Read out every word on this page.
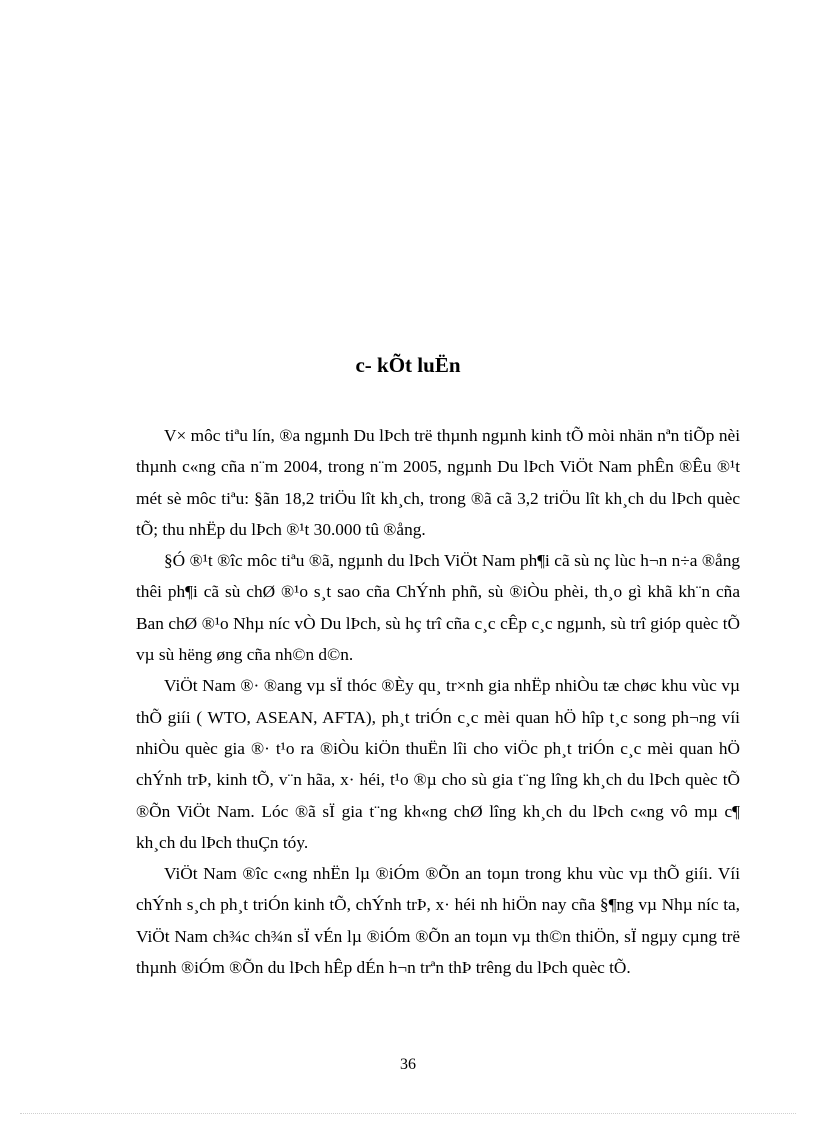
c- kÕt luËn

V× môc tiªu lín, ®a ngµnh Du lÞch trë thµnh ngµnh kinh tÕ mòi nhän nªn tiÕp nèi thµnh c«ng cña n¨m 2004, trong n¨m 2005, ngµnh Du lÞch ViÖt Nam phÊn ®Êu ®¹t mét sè môc tiªu: §ãn 18,2 triÖu lît kh¸ch, trong ®ã cã 3,2 triÖu lît kh¸ch du lÞch quèc tÕ; thu nhËp du lÞch ®¹t 30.000 tû ®ång.

§Ó ®¹t ®îc môc tiªu ®ã, ngµnh du lÞch ViÖt Nam ph¶i cã sù nç lùc h¬n n÷a ®ång thêi ph¶i cã sù chØ ®¹o s¸t sao cña ChÝnh phñ, sù ®iÒu phèi, th¸o gì khã kh¨n cña Ban chØ ®¹o Nhµ níc vÒ Du lÞch, sù hç trî cña c¸c cÊp c¸c ngµnh, sù trî gióp quèc tÕ vµ sù hëng øng cña nh©n d©n.

ViÖt Nam ®· ®ang vµ sÏ thóc ®Èy qu¸ tr×nh gia nhËp nhiÒu tæ chøc khu vùc vµ thÕ giíi ( WTO, ASEAN, AFTA), ph¸t triÓn c¸c mèi quan hÖ hîp t¸c song ph¬ng víi nhiÒu quèc gia ®· t¹o ra ®iÒu kiÖn thuËn lîi cho viÖc ph¸t triÓn c¸c mèi quan hÖ chÝnh trÞ, kinh tÕ, v¨n hãa, x· héi, t¹o ®µ cho sù gia t¨ng lîng kh¸ch du lÞch quèc tÕ ®Õn ViÖt Nam. Lóc ®ã sÏ gia t¨ng kh«ng chØ lîng kh¸ch du lÞch c«ng vô mµ c¶ kh¸ch du lÞch thuÇn tóy.

ViÖt Nam ®îc c«ng nhËn lµ ®iÓm ®Õn an toµn trong khu vùc vµ thÕ giíi. Víi chÝnh s¸ch ph¸t triÓn kinh tÕ, chÝnh trÞ, x· héi nh hiÖn nay cña §¶ng vµ Nhµ níc ta, ViÖt Nam ch¾c ch¾n sÏ vÉn lµ ®iÓm ®Õn an toµn vµ th©n thiÖn, sÏ ngµy cµng trë thµnh ®iÓm ®Õn du lÞch hÊp dÉn h¬n trªn thÞ trêng du lÞch quèc tÕ.

36
